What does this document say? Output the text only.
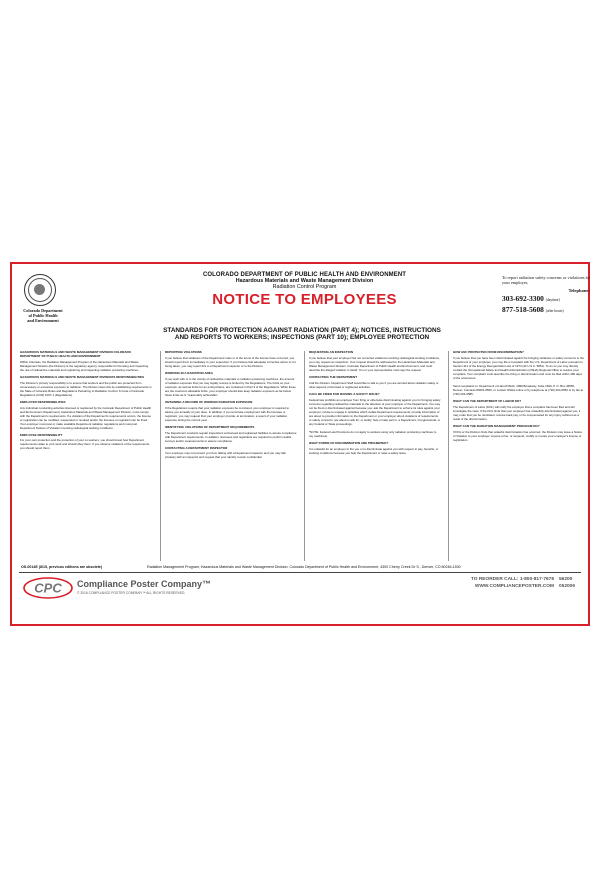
Colorado Department
of Public Health
and Environment
COLORADO DEPARTMENT OF PUBLIC HEALTH AND ENVIRONMENT
Hazardous Materials and Waste Management Division
Radiation Control Program
NOTICE TO EMPLOYEES
To report radiation safety concerns or violations by your employer,
Telephone:
303-692-3300 (daytime)
877-518-5608 (after hours)
STANDARDS FOR PROTECTION AGAINST RADIATION (PART 4); NOTICES, INSTRUCTIONS
AND REPORTS TO WORKERS; INSPECTIONS (PART 10); EMPLOYEE PROTECTION
HAZARDOUS MATERIALS AND WASTE MANAGEMENT DIVISION COLORADO DEPARTMENT OF PUBLIC HEALTH AND ENVIRONMENT

Within Colorado, the Radiation Management Program of the Hazardous Materials and Waste Management Division (the Division) is the regulatory agency responsible for licensing and inspecting the use of radioactive materials and registering and inspecting radiation producing machines.

HAZARDOUS MATERIALS AND WASTE MANAGEMENT DIVISION'S RESPONSIBILITIES

The Division's primary responsibility is to ensure that workers and the public are protected from unnecessary or excessive exposure to radiation. The Division does this by establishing requirements in the State of Colorado Rules and Regulations Pertaining to Radiation Control, 6 Code of Colorado Regulations (CCR) 1007-1 (Regulations).

EMPLOYER RESPONSIBILITIES

Any individual conducting activities licensed or registered by the Colorado Department of Public Health and Environment (Department), Hazardous Materials and Waste Management Division, must comply with the Department's requirements. If a violation of the Department's requirements occurs, the license or registration can be modified, suspended or revoked and/or the licensee or registrant can be fined. Your employer must post or make available Department radiation regulations and must post Department Notices of Violation involving radiological working conditions.

EMPLOYEE RESPONSIBILITY

For your own protection and the protection of your co-workers, you should know how Department requirements relate to your work and should obey them. If you observe violations of the requirements, you should report them.

REPORTING VIOLATIONS

If you believe that violations of the Department rules or of the terms of the license have occurred, you should report them immediately to your supervisor. If you believe that adequate corrective action is not being taken, you may report this to a Department inspector or to the Division.

WORKING IN A RADIATION AREA

If you work with or in the vicinity of radioactive materials or radiation producing machines, the amount of radiation exposure that you may legally receive is limited by the Regulations. The limits on your exposure, as well as limits for an embryo/fetus, are contained in Part 4 of the Regulations. While these are the maximum allowable limits, your employer should also keep radiation exposure as far below these limits as is "reasonably achievable".

OBTAINING A RECORD OF WORKER RADIATION EXPOSURE

If the Regulations require that your radiation exposure be monitored, your employer is required to advise you annually of your dose. In addition, if you terminate employment with the licensee or registrant, you may request that your employer provide, at termination, a report of your radiation exposure during the current year.

IDENTIFYING VIOLATIONS OF DEPARTMENT REQUIREMENTS

The Department conducts regular inspections at licensed and registered facilities to assure compliance with Department requirements. In addition, licensees and registrants are required to perform audits, surveys and/or measurements to assure compliance.

CONTACTING A DEPARTMENT INSPECTOR

Your employer may not prevent you from talking with a Department inspector and you may talk privately with an inspector and request that your identity remain confidential.

REQUESTING AN INSPECTION

If you believe that your employer has not corrected violations involving radiological working conditions, you may request an inspection. Your request should be addressed to the Hazardous Materials and Waste Management Division, Colorado Department of Public Health and Environment, and must describe the alleged violation in detail. You or your representative must sign the request.

CONTACTING THE DEPARTMENT

Call the Division. Department Staff would like to talk to you if you are worried about radiation safety or other aspects of licensed or registered activities.

CAN I BE FIRED FOR RAISING A SAFETY ISSUE?

Federal law prohibits an employer from firing or otherwise discriminating against you for bringing safety concerns regarding radioactive materials to the attention of your employer or the Department. You may not be fired or discriminated against because you: ask the Department to enforce its rules against your employer; refuse to engage in activities which violate Department requirements; provide information or are about to provide information to the Department or your employer about violations of requirements or safety concerns; are about to ask for, or testify, help or take part in, a Department, Congressional, or any Federal or State proceedings.

*NOTE: Federal Law Provisions do not apply to workers using only radiation producing machines (x-ray machines).

WHAT FORMS OF DISCRIMINATION ARE PROHIBITED?

It is unlawful for an employer to fire you or to discriminate against you with respect to pay, benefits, or working conditions because you help the Department or raise a safety issue.

HOW AM I PROTECTED FROM DISCRIMINATION?

If you believe that you have been discriminated against for bringing violations or safety concerns to the Department or your employer, you may file a complaint with the U.S. Department of Labor pursuant to Section 211 of the Energy Reorganization Act of 1974 (42 U.S.C. 5851). To do so you may directly contact the Occupational Safety and Health Administration (OSHA) Regional Office to resolve your complaint. Your complaint must describe the firing or discrimination and must be filed within 180 days of the occurrence.

Send complaints to: Department of Labor/OSHA, 1999 Broadway, Suite 1690, P. O. Box 46550, Denver, Colorado 80201-6550, or contact OSHA online or by telephone at (720) 264-6550 or by fax at (720) 264-6585.

WHAT CAN THE DEPARTMENT OF LABOR DO?

The Department of Labor (DOL) will notify the employer that a complaint has been filed and will investigate the case. If the DOL finds that your employer has unlawfully discriminated against you, it may order that you be reinstated, receive back pay, or be compensated for any injury suffered as a result of the discrimination.

WHAT CAN THE RADIATION MANAGEMENT PROGRAM DO?

If DOL or the Division finds that unlawful discrimination has occurred, the Division may issue a Notice of Violation to your employer, impose a fine, or suspend, modify or revoke your employer's license or registration.

OS-0014E (8/15, previous editions are obsolete)	Radiation Management Program, Hazardous Materials and Waste Management Division, Colorado Department of Public Health and Environment, 4300 Cherry Creek Dr S., Denver, CO 80246-1530
CPC Compliance Poster Company™
© 2016 COMPLIANCE POSTER COMPANY™ ALL RIGHTS RESERVED.
TO REORDER CALL: 1-800-817-7678
WWW.COMPLIANCEPOSTER.COM
56200
052006
